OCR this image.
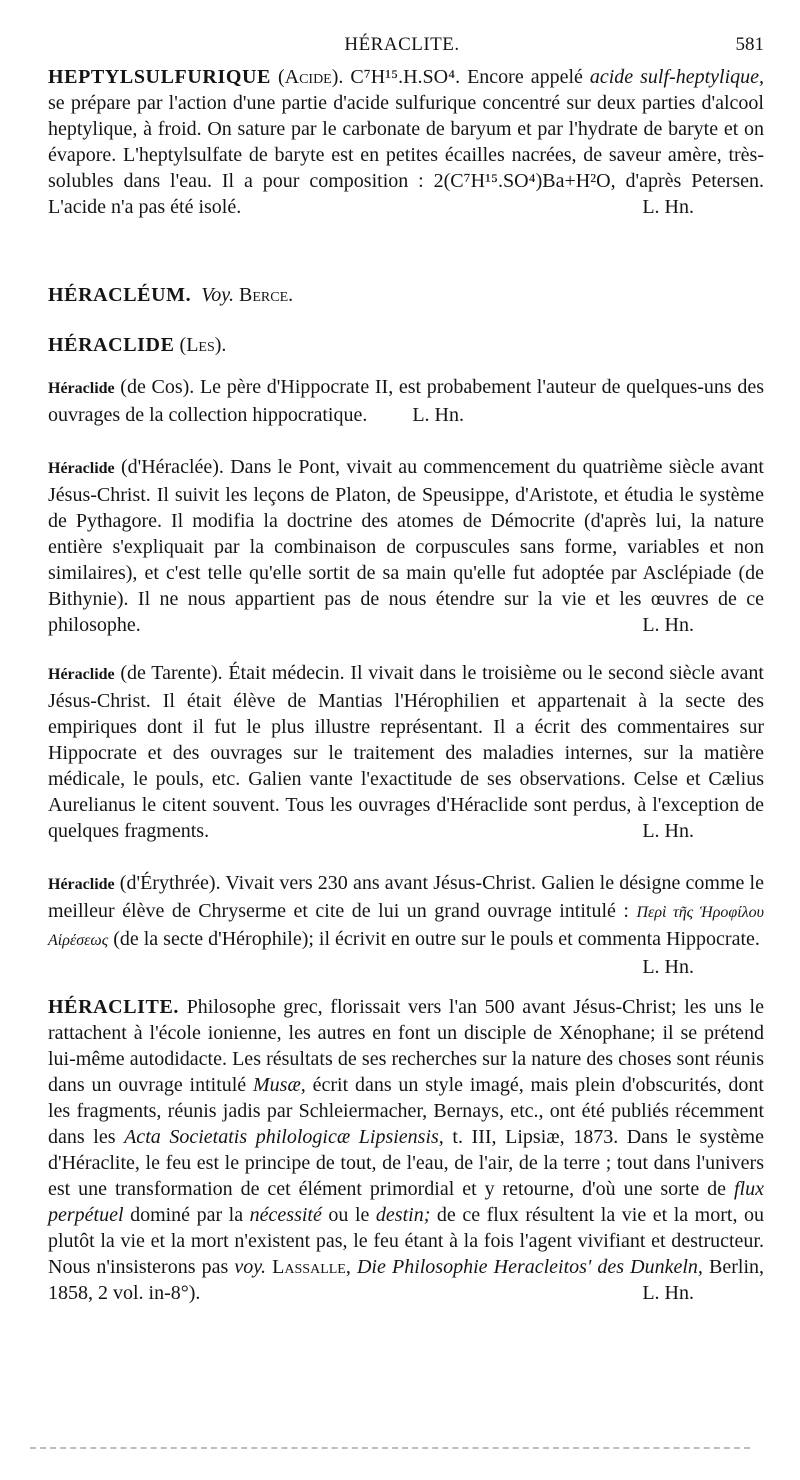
HÉRACLITE.	581

HEPTYLSULFURIQUE (Acide). C⁷H¹⁵.H.SO⁴. Encore appelé acide sulf-heptylique, se prépare par l'action d'une partie d'acide sulfurique concentré sur deux parties d'alcool heptylique, à froid. On sature par le carbonate de baryum et par l'hydrate de baryte et on évapore. L'heptylsulfate de baryte est en petites écailles nacrées, de saveur amère, très-solubles dans l'eau. Il a pour composition : 2(C⁷H¹⁵.SO⁴)Ba+H²O, d'après Petersen. L'acide n'a pas été isolé.	L. Hn.

HÉRACLÉUM. Voy. Berce.

HÉRACLIDE (Les).

Héraclide (de Cos). Le père d'Hippocrate II, est probabement l'auteur de quelques-uns des ouvrages de la collection hippocratique. L. Hn.

Héraclide (d'Héraclée). Dans le Pont, vivait au commencement du quatrième siècle avant Jésus-Christ. Il suivit les leçons de Platon, de Speusippe, d'Aristote, et étudia le système de Pythagore. Il modifia la doctrine des atomes de Démocrite (d'après lui, la nature entière s'expliquait par la combinaison de corpuscules sans forme, variables et non similaires), et c'est telle qu'elle sortit de sa main qu'elle fut adoptée par Asclépiade (de Bithynie). Il ne nous appartient pas de nous étendre sur la vie et les œuvres de ce philosophe.	L. Hn.

Héraclide (de Tarente). Était médecin. Il vivait dans le troisième ou le second siècle avant Jésus-Christ. Il était élève de Mantias l'Hérophilien et appartenait à la secte des empiriques dont il fut le plus illustre représentant. Il a écrit des commentaires sur Hippocrate et des ouvrages sur le traitement des maladies internes, sur la matière médicale, le pouls, etc. Galien vante l'exactitude de ses observations. Celse et Cælius Aurelianus le citent souvent. Tous les ouvrages d'Héraclide sont perdus, à l'exception de quelques fragments.	L. Hn.

Héraclide (d'Érythrée). Vivait vers 230 ans avant Jésus-Christ. Galien le désigne comme le meilleur élève de Chrysermе et cite de lui un grand ouvrage intitulé : Περὶ τῆς Ἡροφίλου Αἱρέσεως (de la secte d'Hérophile); il écrivit en outre sur le pouls et commenta Hippocrate.
L. Hn.

HÉRACLITE. Philosophe grec, florissait vers l'an 500 avant Jésus-Christ; les uns le rattachent à l'école ionienne, les autres en font un disciple de Xénophane; il se prétend lui-même autodidacte. Les résultats de ses recherches sur la nature des choses sont réunis dans un ouvrage intitulé Musæ, écrit dans un style imagé, mais plein d'obscurités, dont les fragments, réunis jadis par Schleiermacher, Bernays, etc., ont été publiés récemment dans les Acta Societatis philologicæ Lipsiensis, t. III, Lipsiæ, 1873. Dans le système d'Héraclite, le feu est le principe de tout, de l'eau, de l'air, de la terre ; tout dans l'univers est une transformation de cet élément primordial et y retourne, d'où une sorte de flux perpétuel dominé par la nécessité ou le destin; de ce flux résultent la vie et la mort, ou plutôt la vie et la mort n'existent pas, le feu étant à la fois l'agent vivifiant et destructeur. Nous n'insisterons pas voy. Lassalle, Die Philosophie Heracleitos' des Dunkeln, Berlin, 1858, 2 vol. in-8°).	L. Hn.
